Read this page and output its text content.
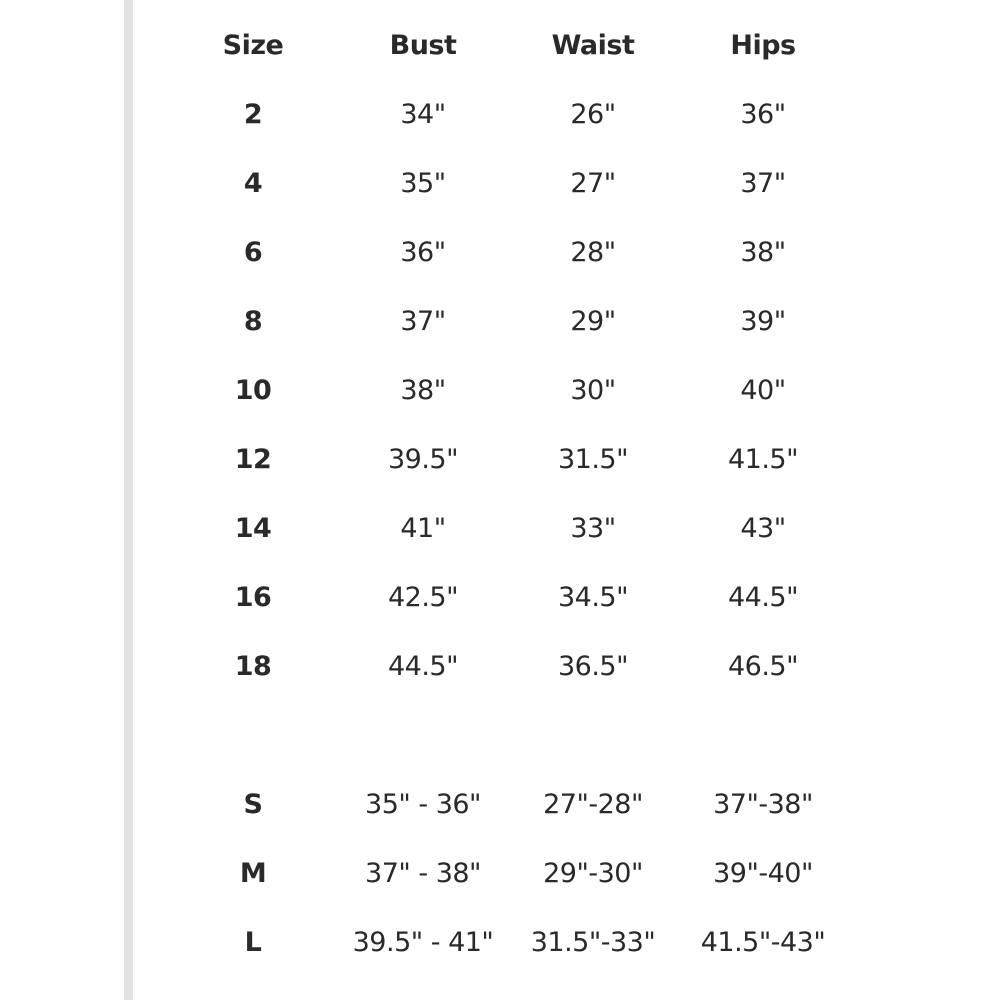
Size	Bust	Waist	Hips
2	34"	26"	36"
4	35"	27"	37"
6	36"	28"	38"
8	37"	29"	39"
10	38"	30"	40"
12	39.5"	31.5"	41.5"
14	41"	33"	43"
16	42.5"	34.5"	44.5"
18	44.5"	36.5"	46.5"
S	35" - 36"	27"-28"	37"-38"
M	37" - 38"	29"-30"	39"-40"
L	39.5" - 41"	31.5"-33"	41.5"-43"
